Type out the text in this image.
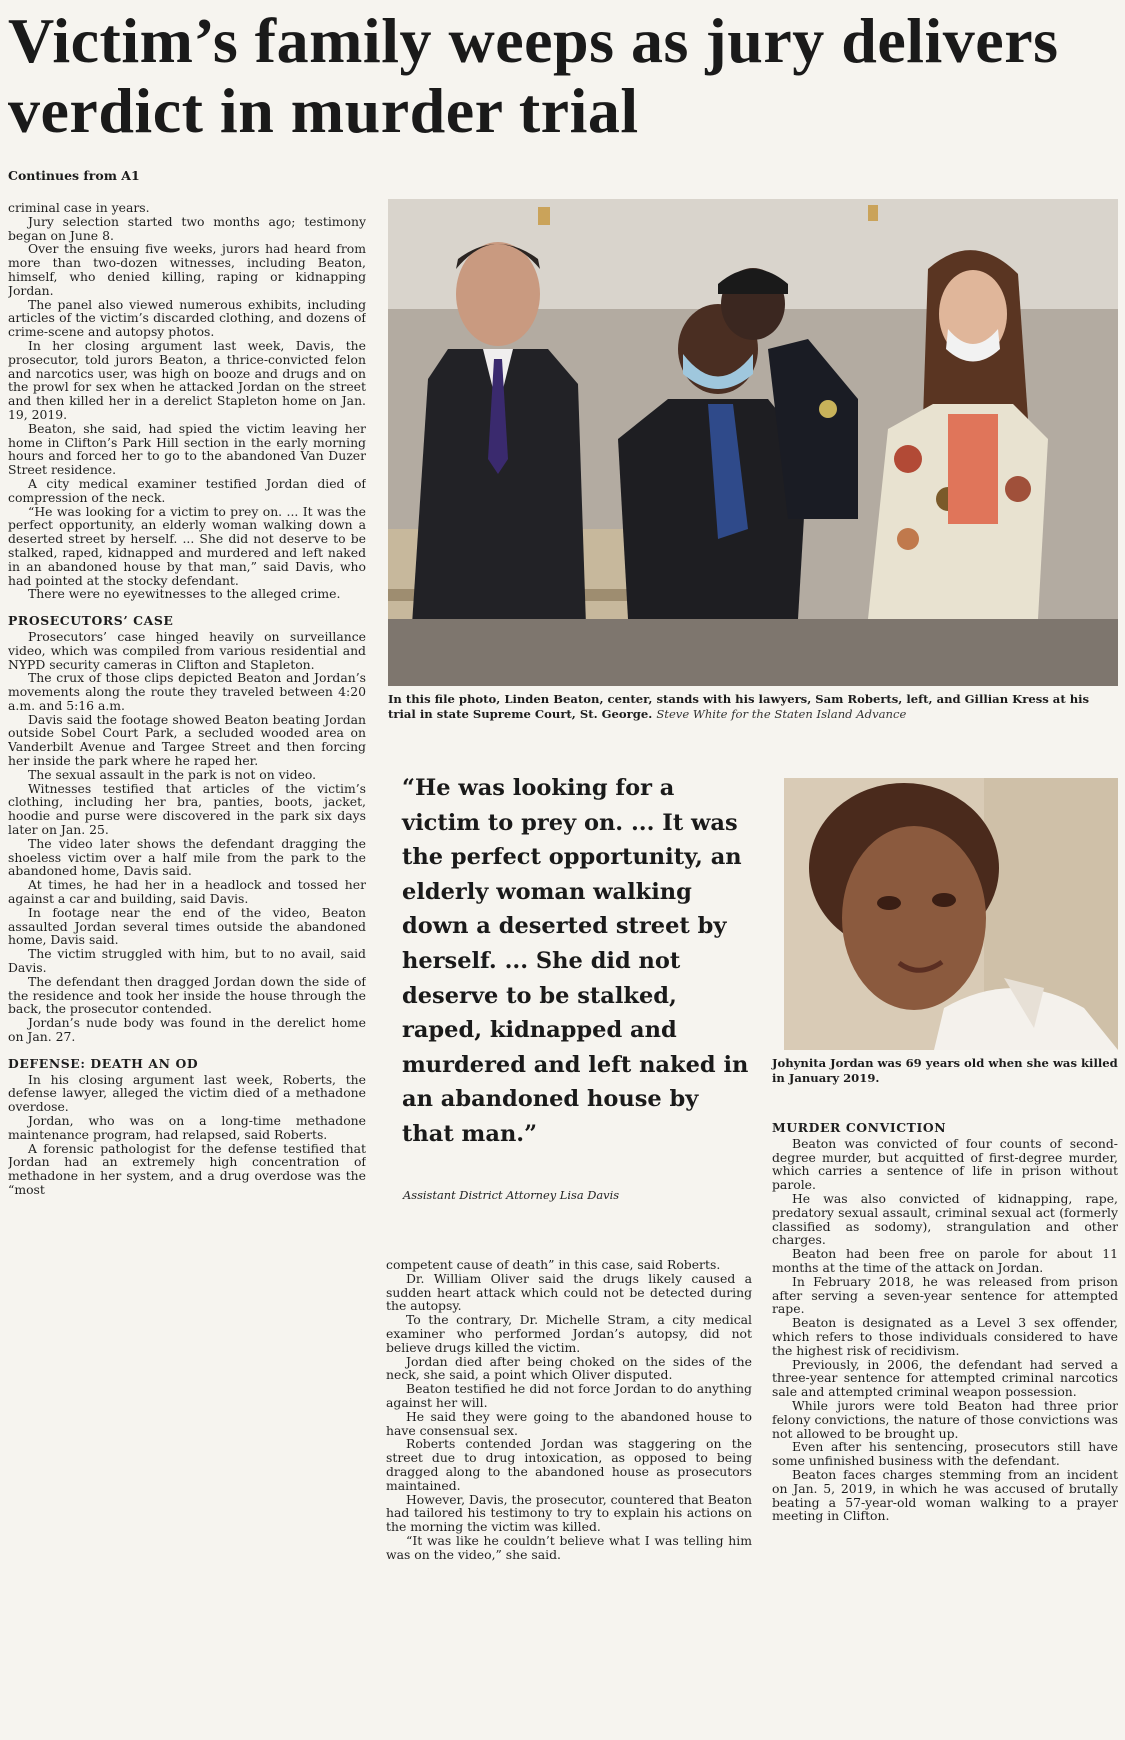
Victim’s family weeps as jury delivers verdict in murder trial
Continues from A1

criminal case in years.

Jury selection started two months ago; testimony began on June 8.

Over the ensuing five weeks, jurors had heard from more than two-dozen witnesses, including Beaton, himself, who denied killing, raping or kidnapping Jordan.

The panel also viewed numerous exhibits, including articles of the victim’s discarded clothing, and dozens of crime-scene and autopsy photos.

In her closing argument last week, Davis, the prosecutor, told jurors Beaton, a thrice-convicted felon and narcotics user, was high on booze and drugs and on the prowl for sex when he attacked Jordan on the street and then killed her in a derelict Stapleton home on Jan. 19, 2019.

Beaton, she said, had spied the victim leaving her home in Clifton’s Park Hill section in the early morning hours and forced her to go to the abandoned Van Duzer Street residence.

A city medical examiner testified Jordan died of compression of the neck.

“He was looking for a victim to prey on. ... It was the perfect opportunity, an elderly woman walking down a deserted street by herself. ... She did not deserve to be stalked, raped, kidnapped and murdered and left naked in an abandoned house by that man,” said Davis, who had pointed at the stocky defendant.

There were no eyewitnesses to the alleged crime.

PROSECUTORS’ CASE

Prosecutors’ case hinged heavily on surveillance video, which was compiled from various residential and NYPD security cameras in Clifton and Stapleton.

The crux of those clips depicted Beaton and Jordan’s movements along the route they traveled between 4:20 a.m. and 5:16 a.m.

Davis said the footage showed Beaton beating Jordan outside Sobel Court Park, a secluded wooded area on Vanderbilt Avenue and Targee Street and then forcing her inside the park where he raped her.

The sexual assault in the park is not on video.

Witnesses testified that articles of the victim’s clothing, including her bra, panties, boots, jacket, hoodie and purse were discovered in the park six days later on Jan. 25.

The video later shows the defendant dragging the shoeless victim over a half mile from the park to the abandoned home, Davis said.

At times, he had her in a headlock and tossed her against a car and building, said Davis.

In footage near the end of the video, Beaton assaulted Jordan several times outside the abandoned home, Davis said.

The victim struggled with him, but to no avail, said Davis.

The defendant then dragged Jordan down the side of the residence and took her inside the house through the back, the prosecutor contended.

Jordan’s nude body was found in the derelict home on Jan. 27.

DEFENSE: DEATH AN OD

In his closing argument last week, Roberts, the defense lawyer, alleged the victim died of a methadone overdose.

Jordan, who was on a long-time methadone maintenance program, had relapsed, said Roberts.

A forensic pathologist for the defense testified that Jordan had an extremely high concentration of methadone in her system, and a drug overdose was the “most

In this file photo, Linden Beaton, center, stands with his lawyers, Sam Roberts, left, and Gillian Kress at his trial in state Supreme Court, St. George. Steve White for the Staten Island Advance
“He was looking for a victim to prey on. ... It was the perfect opportunity, an elderly woman walking down a deserted street by herself. ... She did not deserve to be stalked, raped, kidnapped and murdered and left naked in an abandoned house by that man.”
Assistant District Attorney Lisa Davis
Johynita Jordan was 69 years old when she was killed in January 2019.

competent cause of death” in this case, said Roberts.

Dr. William Oliver said the drugs likely caused a sudden heart attack which could not be detected during the autopsy.

To the contrary, Dr. Michelle Stram, a city medical examiner who performed Jordan’s autopsy, did not believe drugs killed the victim.

Jordan died after being choked on the sides of the neck, she said, a point which Oliver disputed.

Beaton testified he did not force Jordan to do anything against her will.

He said they were going to the abandoned house to have consensual sex.

Roberts contended Jordan was staggering on the street due to drug intoxication, as opposed to being dragged along to the abandoned house as prosecutors maintained.

However, Davis, the prosecutor, countered that Beaton had tailored his testimony to try to explain his actions on the morning the victim was killed.

“It was like he couldn’t believe what I was telling him was on the video,” she said.

MURDER CONVICTION

Beaton was convicted of four counts of second-degree murder, but acquitted of first-degree murder, which carries a sentence of life in prison without parole.

He was also convicted of kidnapping, rape, predatory sexual assault, criminal sexual act (formerly classified as sodomy), strangulation and other charges.

Beaton had been free on parole for about 11 months at the time of the attack on Jordan.

In February 2018, he was released from prison after serving a seven-year sentence for attempted rape.

Beaton is designated as a Level 3 sex offender, which refers to those individuals considered to have the highest risk of recidivism.

Previously, in 2006, the defendant had served a three-year sentence for attempted criminal narcotics sale and attempted criminal weapon possession.

While jurors were told Beaton had three prior felony convictions, the nature of those convictions was not allowed to be brought up.

Even after his sentencing, prosecutors still have some unfinished business with the defendant.

Beaton faces charges stemming from an incident on Jan. 5, 2019, in which he was accused of brutally beating a 57-year-old woman walking to a prayer meeting in Clifton.
